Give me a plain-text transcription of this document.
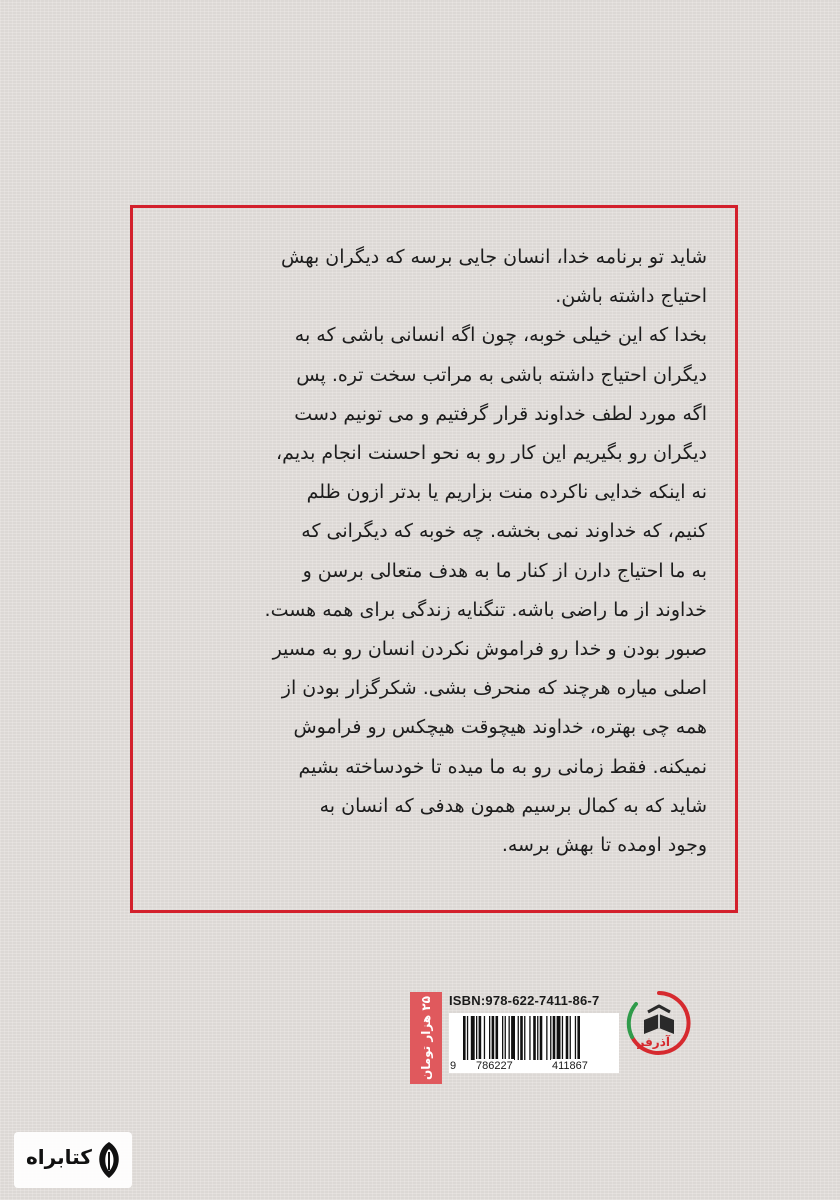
شاید تو برنامه خدا، انسان جایی برسه که دیگران بهش

احتیاج داشته باشن.

بخدا که این خیلی خوبه، چون اگه انسانی باشی که به

دیگران احتیاج داشته باشی به مراتب سخت تره. پس

اگه مورد لطف خداوند قرار گرفتیم و می تونیم دست

دیگران رو بگیریم این کار رو به نحو احسنت انجام بدیم،

نه اینکه خدایی ناکرده منت بزاریم یا بدتر ازون ظلم

کنیم، که خداوند نمی بخشه. چه خوبه که دیگرانی که

به ما احتیاج دارن از کنار ما به هدف متعالی برسن و

خداوند از ما راضی باشه. تنگنایه زندگی برای همه هست.

صبور بودن و خدا رو فراموش نکردن انسان رو به مسیر

اصلی میاره هرچند که منحرف بشی. شکرگزار بودن از

همه چی بهتره، خداوند هیچوقت هیچکس رو فراموش

نمیکنه. فقط زمانی رو به ما میده تا خودساخته بشیم

شاید که به کمال برسیم همون هدفی که انسان به

وجود اومده تا بهش برسه.

۲۵ هزار تومان ISBN:978-622-7411-86-7
9 786227	411867
آذرفر
کتابراه
